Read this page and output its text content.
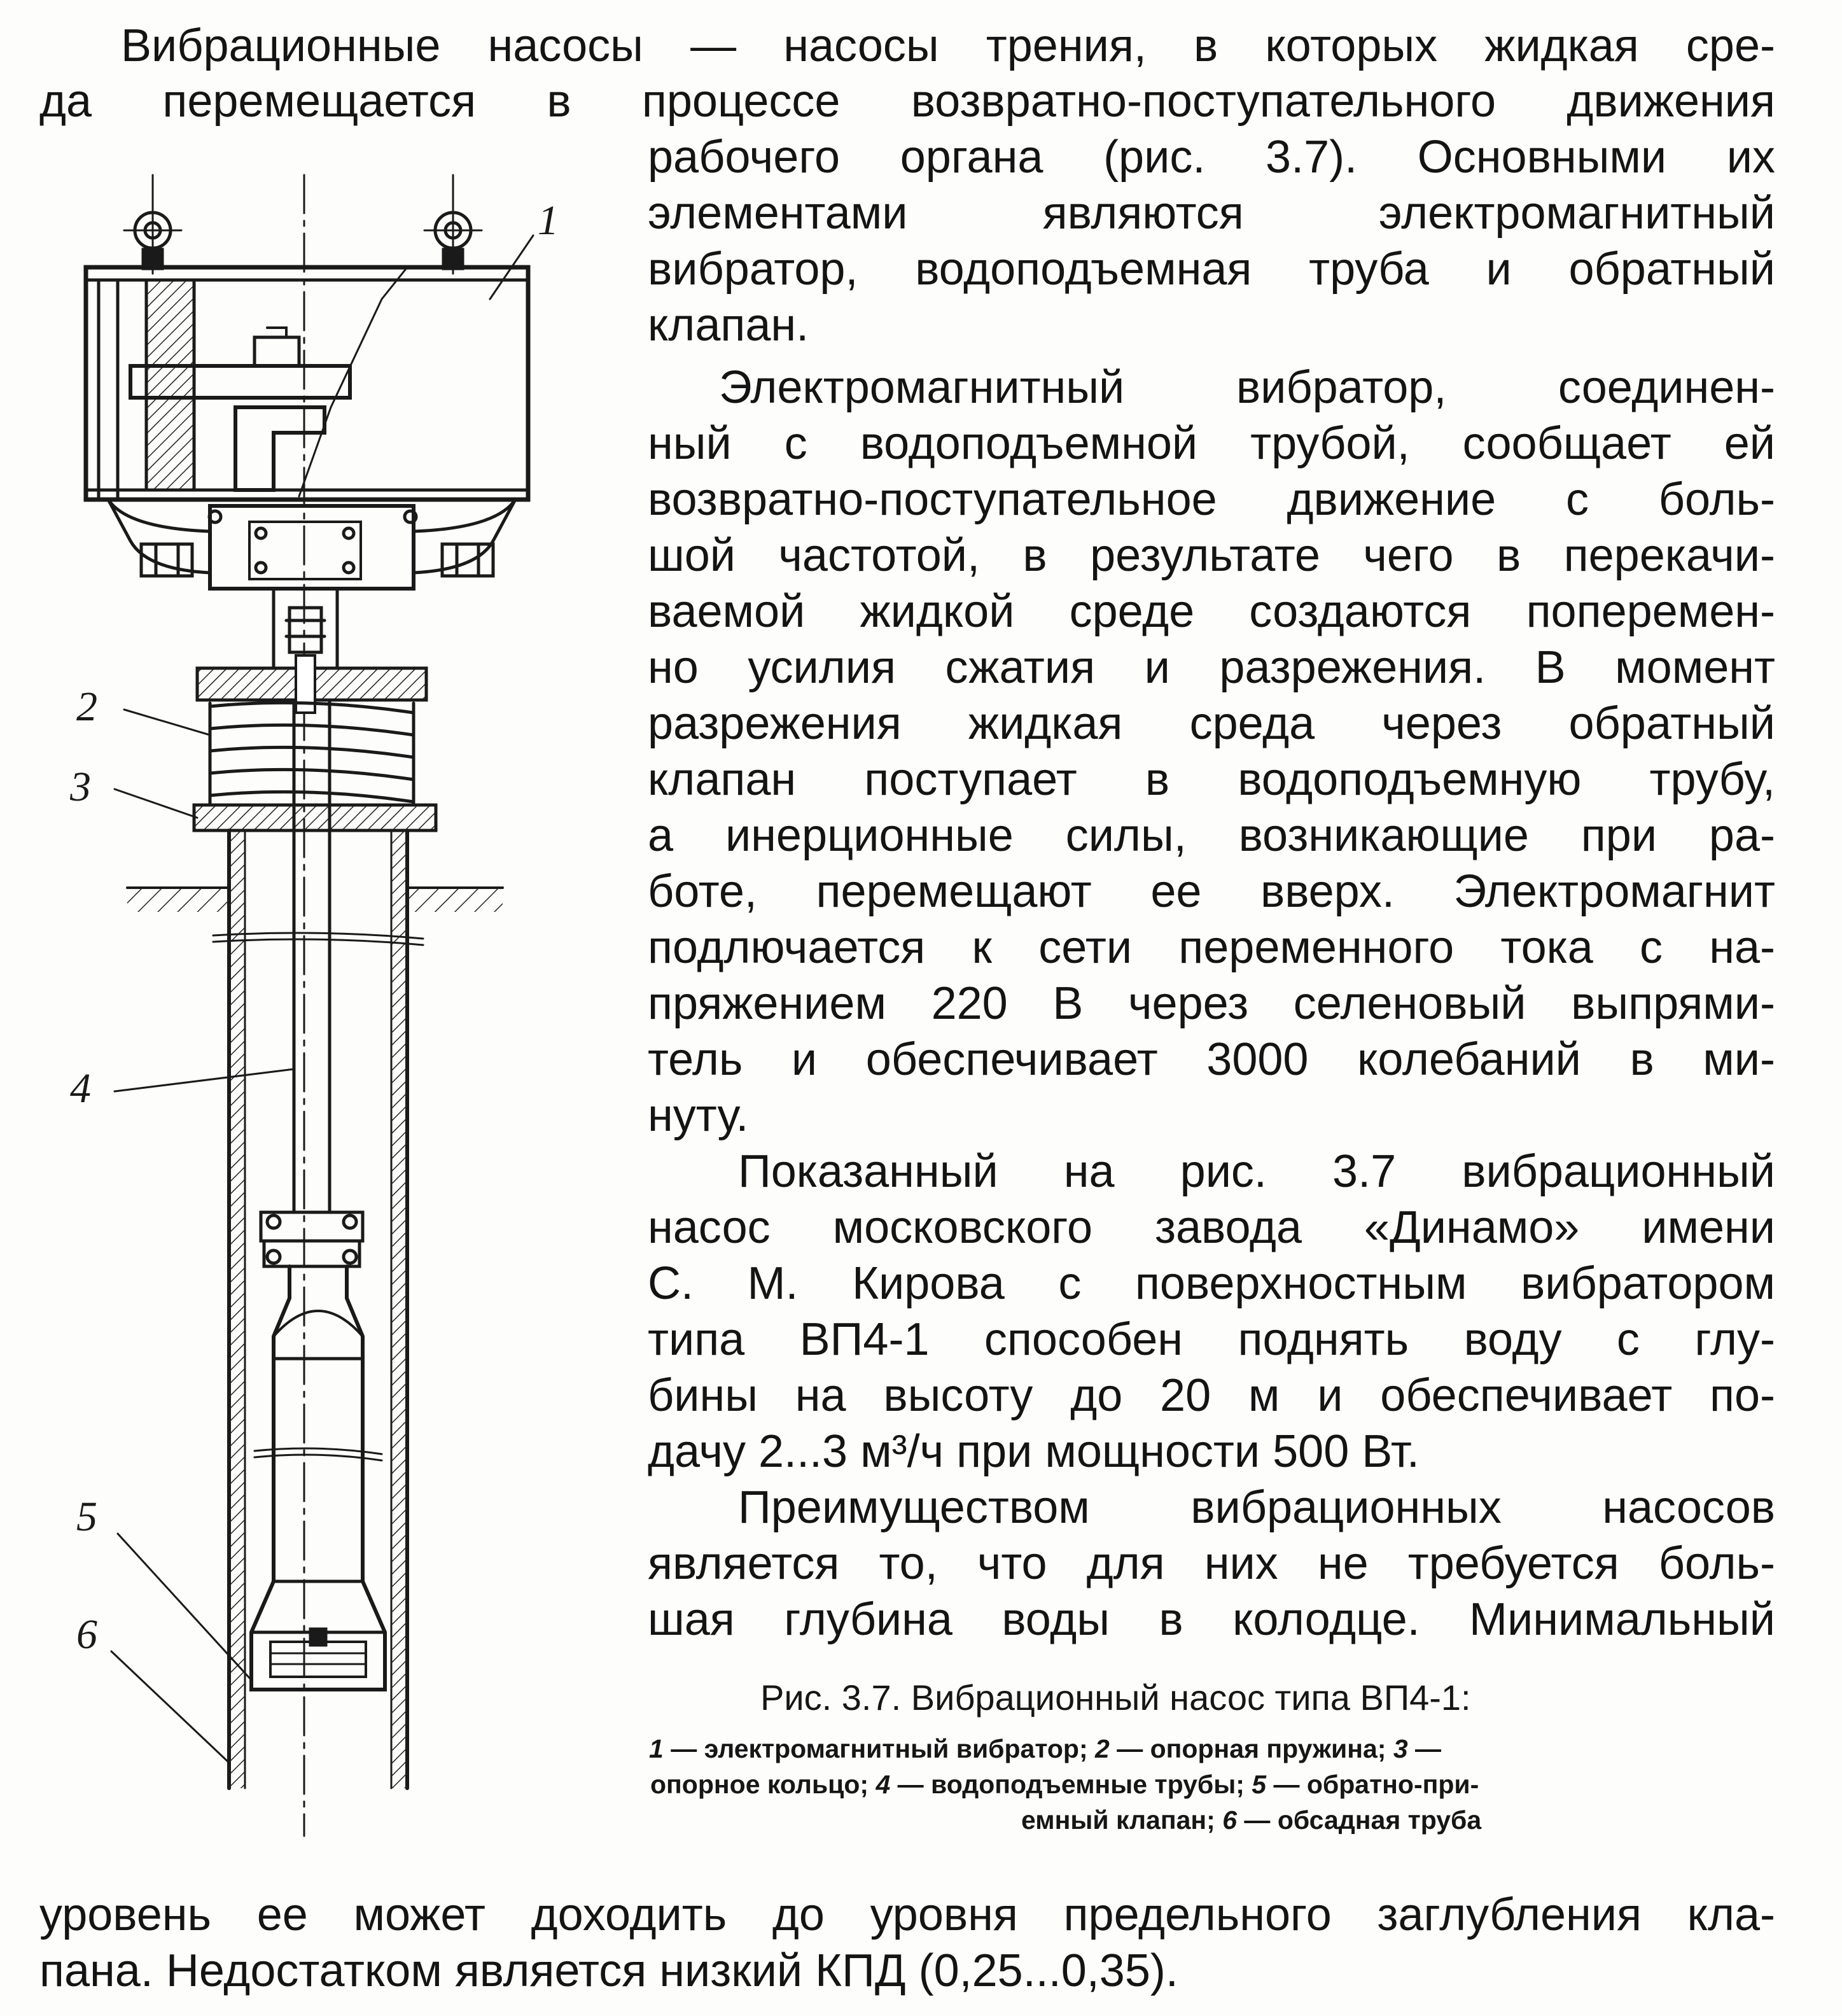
Вибрационные насосы — насосы трения, в которых жидкая сре-
да перемещается в процессе возвратно-поступательного движения
рабочего органа (рис. 3.7). Основными их
элементами являются электромагнитный
вибратор, водоподъемная труба и обратный
клапан.
Электромагнитный вибратор, соединен-
ный с водоподъемной трубой, сообщает ей
возвратно-поступательное движение с боль-
шой частотой, в результате чего в перекачи-
ваемой жидкой среде создаются поперемен-
но усилия сжатия и разрежения. В момент
разрежения жидкая среда через обратный
клапан поступает в водоподъемную трубу,
а инерционные силы, возникающие при ра-
боте, перемещают ее вверх. Электромагнит
подлючается к сети переменного тока с на-
пряжением 220 В через селеновый выпрями-
тель и обеспечивает 3000 колебаний в ми-
нуту.
Показанный на рис. 3.7 вибрационный
насос московского завода «Динамо» имени
С. М. Кирова с поверхностным вибратором
типа ВП4-1 способен поднять воду с глу-
бины на высоту до 20 м и обеспечивает по-
дачу 2...3 м³/ч при мощности 500 Вт.
Преимуществом вибрационных насосов
является то, что для них не требуется боль-
шая глубина воды в колодце. Минимальный
Рис. 3.7. Вибрационный насос типа ВП4-1:
1 — электромагнитный вибратор; 2 — опорная пружина; 3 —
опорное кольцо; 4 — водоподъемные трубы; 5 — обратно-при-
емный клапан; 6 — обсадная труба
уровень ее может доходить до уровня предельного заглубления кла-
пана. Недостатком является низкий КПД (0,25...0,35).
1
2
3
4
5
6
